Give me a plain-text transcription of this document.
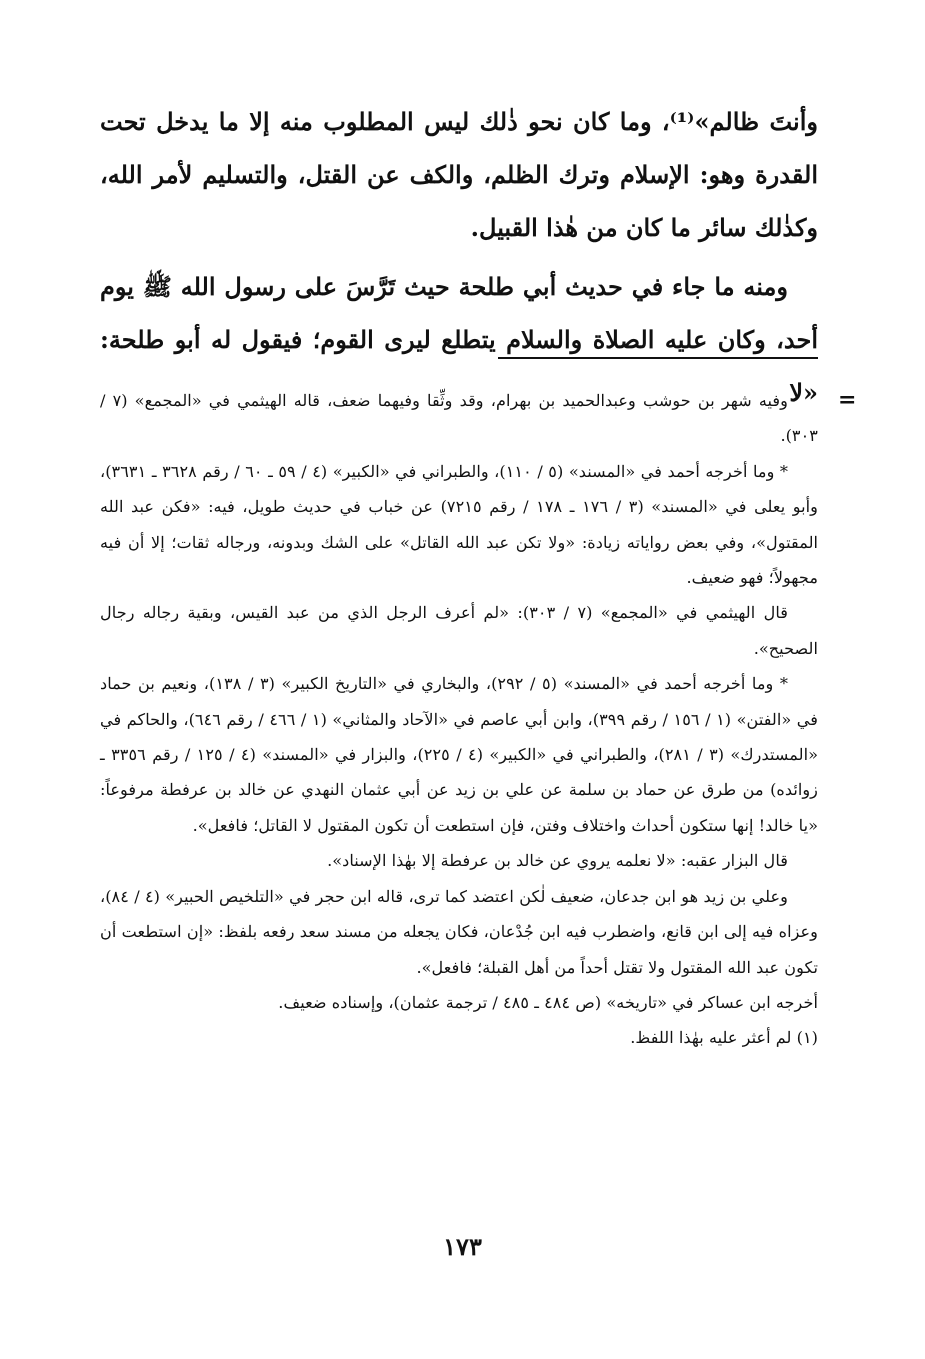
وأنتَ ظالم»⁽¹⁾، وما كان نحو ذٰلك ليس المطلوب منه إلا ما يدخل تحت القدرة وهو: الإسلام وترك الظلم، والكف عن القتل، والتسليم لأمر الله، وكذٰلك سائر ما كان من هٰذا القبيل.

ومنه ما جاء في حديث أبي طلحة حيث تَرَّسَ على رسول الله ﷺ يوم أحد، وكان عليه الصلاة والسلام يتطلع ليرى القوم؛ فيقول له أبو طلحة: «لا =

وفيه شهر بن حوشب وعبدالحميد بن بهرام، وقد وثِّقا وفيهما ضعف، قاله الهيثمي في «المجمع» (٧ / ٣٠٣).

* وما أخرجه أحمد في «المسند» (٥ / ١١٠)، والطبراني في «الكبير» (٤ / ٥٩ ـ ٦٠ / رقم ٣٦٢٨ ـ ٣٦٣١)، وأبو يعلى في «المسند» (٣ / ١٧٦ ـ ١٧٨ / رقم ٧٢١٥) عن خباب في حديث طويل، فيه: «فكن عبد الله المقتول»، وفي بعض رواياته زيادة: «ولا تكن عبد الله القاتل» على الشك وبدونه، ورجاله ثقات؛ إلا أن فيه مجهولاً؛ فهو ضعيف.

قال الهيثمي في «المجمع» (٧ / ٣٠٣): «لم أعرف الرجل الذي من عبد القيس، وبقية رجاله رجال الصحيح».

* وما أخرجه أحمد في «المسند» (٥ / ٢٩٢)، والبخاري في «التاريخ الكبير» (٣ / ١٣٨)، ونعيم بن حماد في «الفتن» (١ / ١٥٦ / رقم ٣٩٩)، وابن أبي عاصم في «الآحاد والمثاني» (١ / ٤٦٦ / رقم ٦٤٦)، والحاكم في «المستدرك» (٣ / ٢٨١)، والطبراني في «الكبير» (٤ / ٢٢٥)، والبزار في «المسند» (٤ / ١٢٥ / رقم ٣٣٥٦ ـ زوائده) من طرق عن حماد بن سلمة عن علي بن زيد عن أبي عثمان النهدي عن خالد بن عرفطة مرفوعاً: «يا خالد! إنها ستكون أحداث واختلاف وفتن، فإن استطعت أن تكون المقتول لا القاتل؛ فافعل».

قال البزار عقبه: «لا نعلمه يروي عن خالد بن عرفطة إلا بهٰذا الإسناد».

وعلي بن زيد هو ابن جدعان، ضعيف لٰكن اعتضد كما ترى، قاله ابن حجر في «التلخيص الحبير» (٤ / ٨٤)، وعزاه فيه إلى ابن قانع، واضطرب فيه ابن جُدْعان، فكان يجعله من مسند سعد رفعه بلفظ: «إن استطعت أن تكون عبد الله المقتول ولا تقتل أحداً من أهل القبلة؛ فافعل».

أخرجه ابن عساكر في «تاريخه» (ص ٤٨٤ ـ ٤٨٥ / ترجمة عثمان)، وإسناده ضعيف.

(١) لم أعثر عليه بهٰذا اللفظ.

١٧٣
